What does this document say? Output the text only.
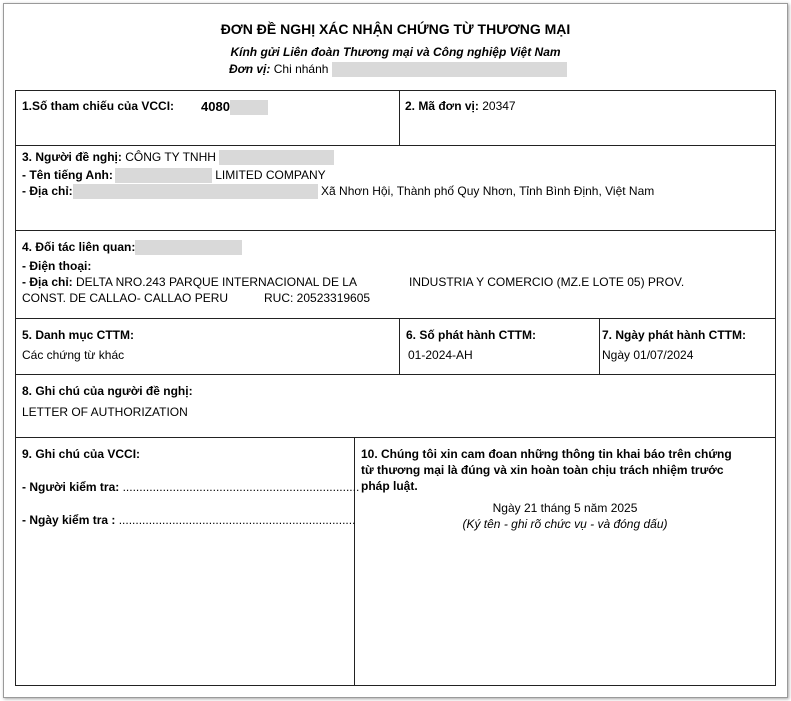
ĐƠN ĐỀ NGHỊ XÁC NHẬN CHỨNG TỪ THƯƠNG MẠI
Kính gửi Liên đoàn Thương mại và Công nghiệp Việt Nam
Đơn vị: Chi nhánh
1.Số tham chiếu của VCCI: 4080	2. Mã đơn vị: 20347
3. Người đề nghị: CÔNG TY TNHH
- Tên tiếng Anh:	LIMITED COMPANY
- Địa chỉ:	Xã Nhơn Hội, Thành phố Quy Nhơn, Tỉnh Bình Định, Việt Nam
4. Đối tác liên quan:
- Điện thoại:
- Địa chỉ: DELTA NRO.243 PARQUE INTERNACIONAL DE LA	INDUSTRIA Y COMERCIO (MZ.E LOTE 05) PROV.
CONST. DE CALLAO- CALLAO PERU	RUC: 20523319605
5. Danh mục CTTM:
Các chứng từ khác
6. Số phát hành CTTM:
01-2024-AH
7. Ngày phát hành CTTM:
Ngày 01/07/2024
8. Ghi chú của người đề nghị:
LETTER OF AUTHORIZATION
9. Ghi chú của VCCI:
- Người kiểm tra: .......................................................................
- Ngày kiểm tra : .......................................................................
10. Chúng tôi xin cam đoan những thông tin khai báo trên chứng
từ thương mại là đúng và xin hoàn toàn chịu trách nhiệm trước
pháp luật.
Ngày 21 tháng 5 năm 2025
(Ký tên - ghi rõ chức vụ - và đóng dấu)
